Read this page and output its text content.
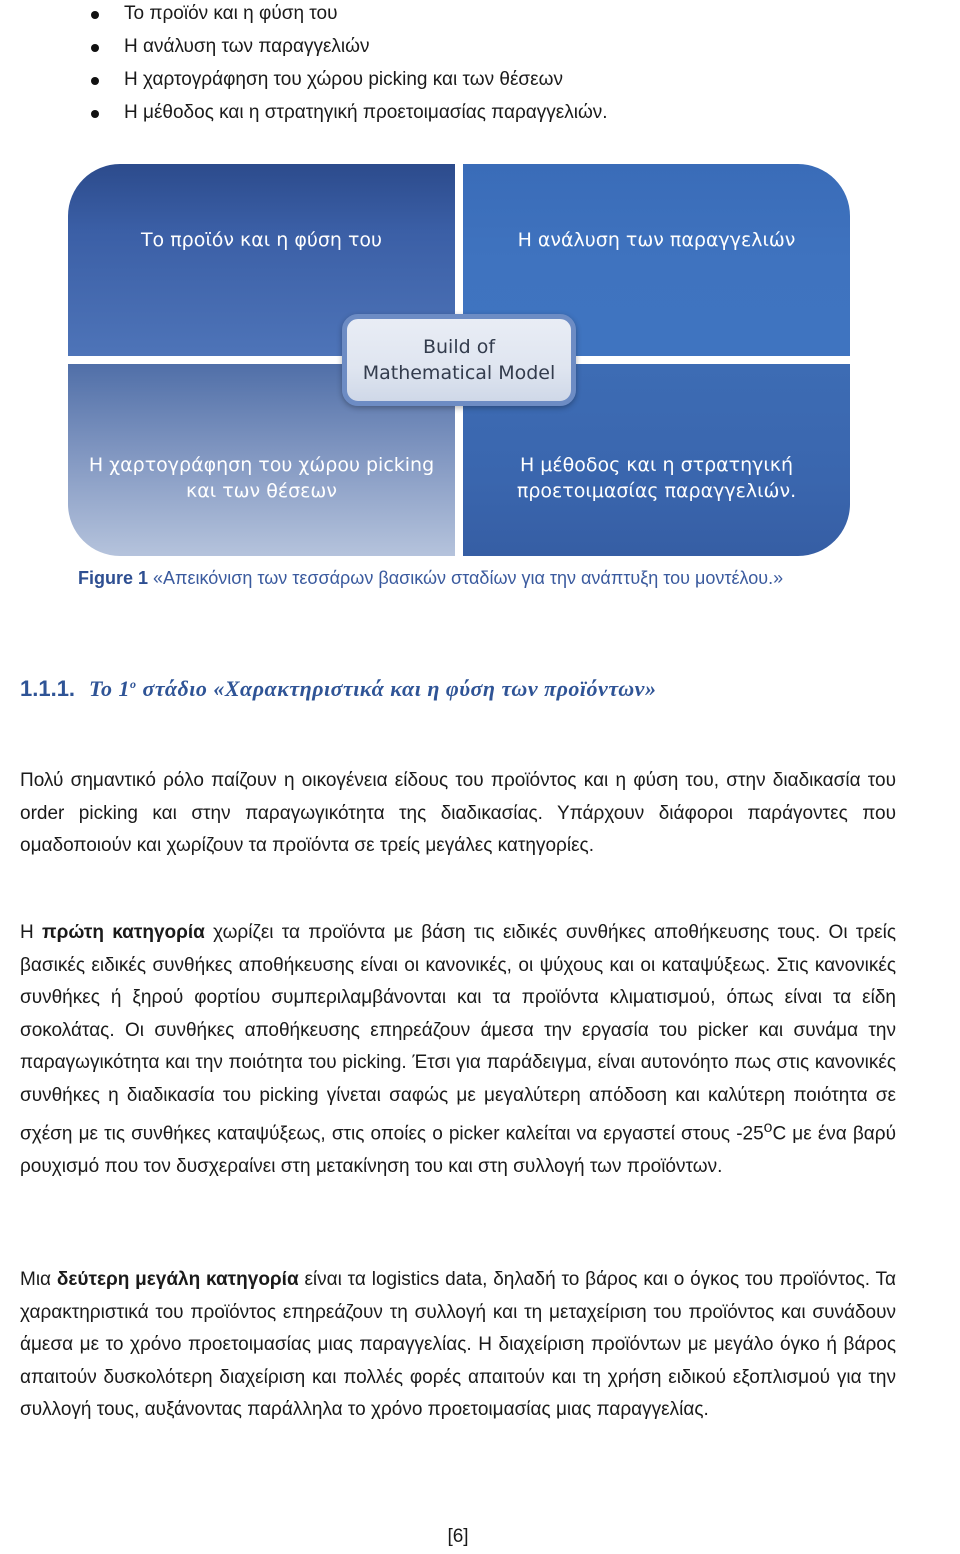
Το προϊόν και η φύση του
Η ανάλυση των παραγγελιών
Η χαρτογράφηση του χώρου picking και των θέσεων
Η μέθοδος και η στρατηγική προετοιμασίας παραγγελιών.
Το προϊόν και η φύση του	Η ανάλυση των παραγγελιών
Η χαρτογράφηση του χώρου picking
και των θέσεων
Η μέθοδος και η στρατηγική
προετοιμασίας παραγγελιών.
Build of
Mathematical Model
Figure 1 «Απεικόνιση των τεσσάρων βασικών σταδίων για την ανάπτυξη του μοντέλου.»
1.1.1. Το $1^o$ στάδιο «Χαρακτηριστικά και η φύση των προϊόντων»

Πολύ σημαντικό ρόλο παίζουν η οικογένεια είδους του προϊόντος και η φύση του, στην διαδικασία του order picking και στην παραγωγικότητα της διαδικασίας. Υπάρχουν διάφοροι παράγοντες που ομαδοποιούν και χωρίζουν τα προϊόντα σε τρείς μεγάλες κατηγορίες.

Η πρώτη κατηγορία χωρίζει τα προϊόντα με βάση τις ειδικές συνθήκες αποθήκευσης τους. Οι τρείς βασικές ειδικές συνθήκες αποθήκευσης είναι οι κανονικές, οι ψύχους και οι καταψύξεως. Στις κανονικές συνθήκες ή ξηρού φορτίου συμπεριλαμβάνονται και τα προϊόντα κλιματισμού, όπως είναι τα είδη σοκολάτας. Οι συνθήκες αποθήκευσης επηρεάζουν άμεσα την εργασία του picker και συνάμα την παραγωγικότητα και την ποιότητα του picking. Έτσι για παράδειγμα, είναι αυτονόητο πως στις κανονικές συνθήκες η διαδικασία του picking γίνεται σαφώς με μεγαλύτερη απόδοση και καλύτερη ποιότητα σε σχέση με τις συνθήκες καταψύξεως, στις οποίες ο picker καλείται να εργαστεί στους $-25^oC$ με ένα βαρύ ρουχισμό που τον δυσχεραίνει στη μετακίνηση του και στη συλλογή των προϊόντων.

Μια δεύτερη μεγάλη κατηγορία είναι τα logistics data, δηλαδή το βάρος και ο όγκος του προϊόντος. Τα χαρακτηριστικά του προϊόντος επηρεάζουν τη συλλογή και τη μεταχείριση του προϊόντος και συνάδουν άμεσα με το χρόνο προετοιμασίας μιας παραγγελίας. Η διαχείριση προϊόντων με μεγάλο όγκο ή βάρος απαιτούν δυσκολότερη διαχείριση και πολλές φορές απαιτούν και τη χρήση ειδικού εξοπλισμού για την συλλογή τους, αυξάνοντας παράλληλα το χρόνο προετοιμασίας μιας παραγγελίας.

[6]
